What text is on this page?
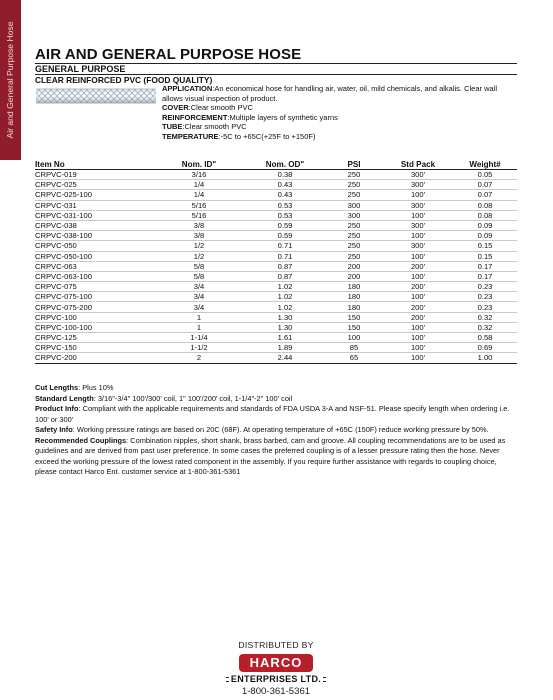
Air and General Purpose Hose AIR AND GENERAL PURPOSE HOSE
GENERAL PURPOSE
CLEAR REINFORCED PVC (FOOD QUALITY)
APPLICATION:An economical hose for handling air, water, oil, mild chemicals, and alkalis. Clear wall allows visual inspection of product.
COVER:Clear smooth PVC
REINFORCEMENT:Multiple layers of synthetic yarns
TUBE:Clear smooth PVC
TEMPERATURE:-5C to +65C(+25F to +150F)
Item No	Nom. ID"	Nom. OD"	PSI	Std Pack	Weight#
CRPVC-019	3/16	0.38	250	300'	0.05
CRPVC-025	1/4	0.43	250	300'	0.07
CRPVC-025-100	1/4	0.43	250	100'	0.07
CRPVC-031	5/16	0.53	300	300'	0.08
CRPVC-031-100	5/16	0.53	300	100'	0.08
CRPVC-038	3/8	0.59	250	300'	0.09
CRPVC-038-100	3/8	0.59	250	100'	0.09
CRPVC-050	1/2	0.71	250	300'	0.15
CRPVC-050-100	1/2	0.71	250	100'	0.15
CRPVC-063	5/8	0.87	200	200'	0.17
CRPVC-063-100	5/8	0.87	200	100'	0.17
CRPVC-075	3/4	1.02	180	200'	0.23
CRPVC-075-100	3/4	1.02	180	100'	0.23
CRPVC-075-200	3/4	1.02	180	200'	0.23
CRPVC-100	1	1.30	150	200'	0.32
CRPVC-100-100	1	1.30	150	100'	0.32
CRPVC-125	1-1/4	1.61	100	100'	0.58
CRPVC-150	1-1/2	1.89	85	100'	0.69
CRPVC-200	2	2.44	65	100'	1.00

Cut Lengths: Plus 10%

Standard Length: 3/16"-3/4" 100'/300' coil, 1" 100'/200' coil, 1-1/4"-2" 100' coil

Product Info: Compliant with the applicable requirements and standards of FDA USDA 3-A and NSF-51. Please specify length when ordering i.e. 100' or 300'

Safety Info: Working pressure ratings are based on 20C (68F). At operating temperature of +65C (150F) reduce working pressure by 50%.

Recommended Couplings: Combination nipples, short shank, brass barbed, cam and groove. All coupling recommendations are to be used as guidelines and are derived from past user preference. In some cases the preferred coupling is of a lesser pressure rating then the hose. Never exceed the working pressure of the lowest rated component in the assembly. If you require further assistance with regards to coupling choice, please contact Harco Ent. customer service at 1-800-361-5361

DISTRIBUTED BY
HARCO
ENTERPRISES LTD.
1-800-361-5361
